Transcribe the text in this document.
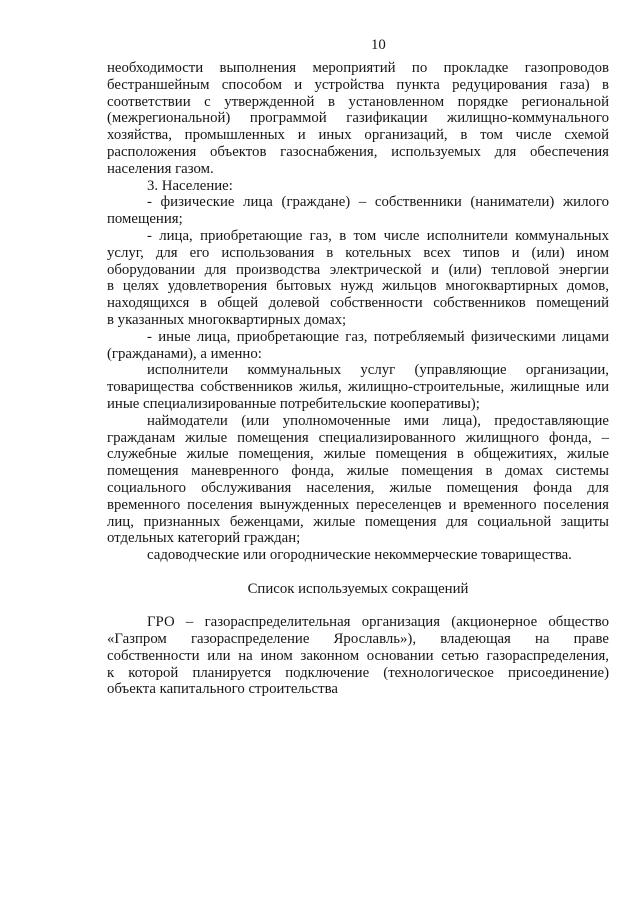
10
необходимости выполнения мероприятий по прокладке газопроводов
бестраншейным способом и устройства пункта редуцирования газа) в
соответствии с утвержденной в установленном порядке региональной
(межрегиональной) программой газификации жилищно-коммунального
хозяйства, промышленных и иных организаций, в том числе схемой
расположения объектов газоснабжения, используемых для обеспечения
населения газом.
3. Население:
- физические лица (граждане) – собственники (наниматели) жилого
помещения;
- лица, приобретающие газ, в том числе исполнители коммунальных
услуг, для его использования в котельных всех типов и (или) ином
оборудовании для производства электрической и (или) тепловой энергии
в целях удовлетворения бытовых нужд жильцов многоквартирных домов,
находящихся в общей долевой собственности собственников помещений
в указанных многоквартирных домах;
- иные лица, приобретающие газ, потребляемый физическими лицами
(гражданами), а именно:
исполнители коммунальных услуг (управляющие организации,
товарищества собственников жилья, жилищно-строительные, жилищные или
иные специализированные потребительские кооперативы);
наймодатели (или уполномоченные ими лица), предоставляющие
гражданам жилые помещения специализированного жилищного фонда, –
служебные жилые помещения, жилые помещения в общежитиях, жилые
помещения маневренного фонда, жилые помещения в домах системы
социального обслуживания населения, жилые помещения фонда для
временного поселения вынужденных переселенцев и временного поселения
лиц, признанных беженцами, жилые помещения для социальной защиты
отдельных категорий граждан;
садоводческие или огороднические некоммерческие товарищества.
Список используемых сокращений
ГРО – газораспределительная организация (акционерное общество
«Газпром газораспределение Ярославль»), владеющая на праве
собственности или на ином законном основании сетью газораспределения,
к которой планируется подключение (технологическое присоединение)
объекта капитального строительства
